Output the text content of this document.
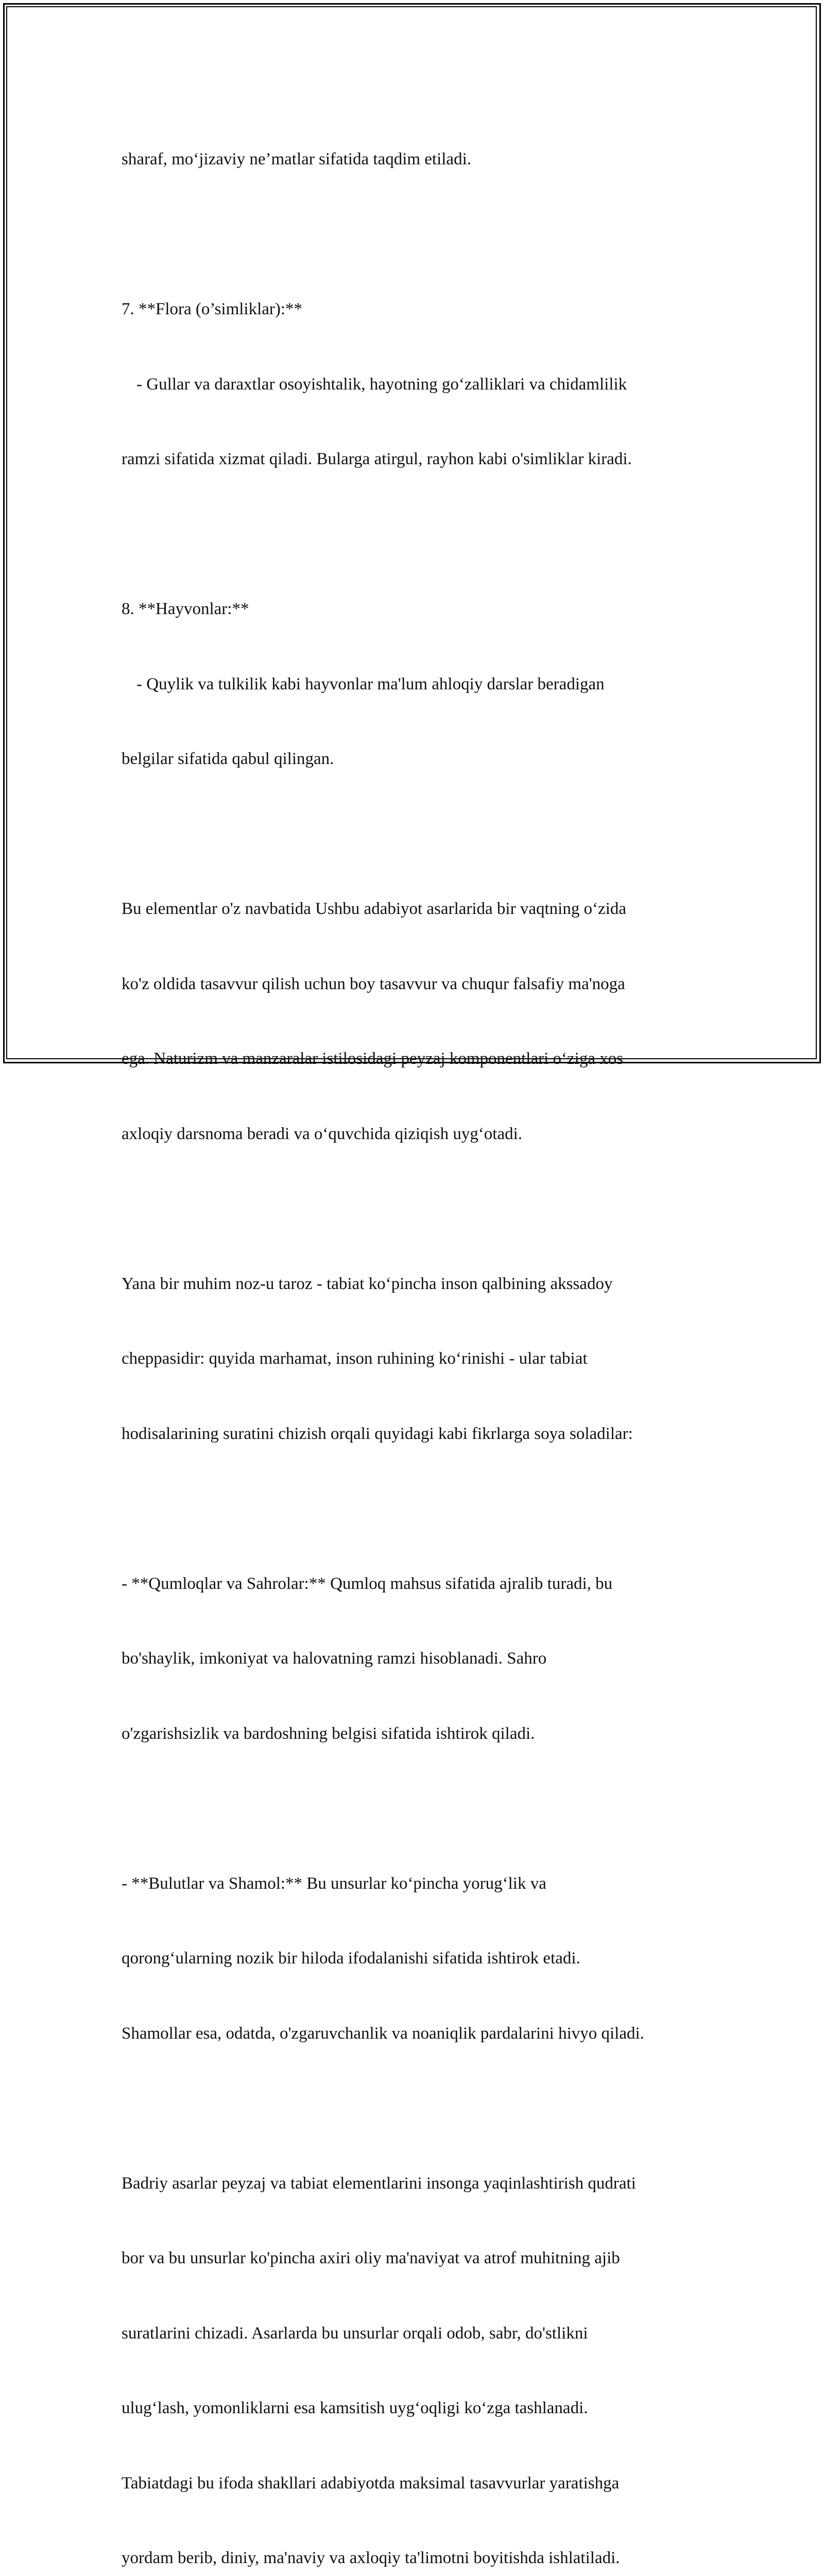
sharaf, mo‘jizaviy ne’matlar sifatida taqdim etiladi.

7. **Flora (o’simliklar):**

- Gullar va daraxtlar osoyishtalik, hayotning go‘zalliklari va chidamlilik

ramzi sifatida xizmat qiladi. Bularga atirgul, rayhon kabi o'simliklar kiradi.

8. **Hayvonlar:**

- Quylik va tulkilik kabi hayvonlar ma'lum ahloqiy darslar beradigan

belgilar sifatida qabul qilingan.

Bu elementlar o'z navbatida Ushbu adabiyot asarlarida bir vaqtning o‘zida

ko'z oldida tasavvur qilish uchun boy tasavvur va chuqur falsafiy ma'noga

ega. Naturizm va manzaralar istilosidagi peyzaj komponentlari o‘ziga xos

axloqiy darsnoma beradi va o‘quvchida qiziqish uyg‘otadi.

Yana bir muhim noz-u taroz - tabiat ko‘pincha inson qalbining akssadoy

cheppasidir: quyida marhamat, inson ruhining ko‘rinishi - ular tabiat

hodisalarining suratini chizish orqali quyidagi kabi fikrlarga soya soladilar:

- **Qumloqlar va Sahrolar:** Qumloq mahsus sifatida ajralib turadi, bu

bo'shaylik, imkoniyat va halovatning ramzi hisoblanadi. Sahro

o'zgarishsizlik va bardoshning belgisi sifatida ishtirok qiladi.

- **Bulutlar va Shamol:** Bu unsurlar ko‘pincha yorug‘lik va

qorong‘ularning nozik bir hiloda ifodalanishi sifatida ishtirok etadi.

Shamollar esa, odatda, o'zgaruvchanlik va noaniqlik pardalarini hivyo qiladi.

Badriy asarlar peyzaj va tabiat elementlarini insonga yaqinlashtirish qudrati

bor va bu unsurlar ko'pincha axiri oliy ma'naviyat va atrof muhitning ajib

suratlarini chizadi. Asarlarda bu unsurlar orqali odob, sabr, do'stlikni

ulug‘lash, yomonliklarni esa kamsitish uyg‘oqligi ko‘zga tashlanadi.

Tabiatdagi bu ifoda shakllari adabiyotda maksimal tasavvurlar yaratishga

yordam berib, diniy, ma'naviy va axloqiy ta'limotni boyitishda ishlatiladi.
